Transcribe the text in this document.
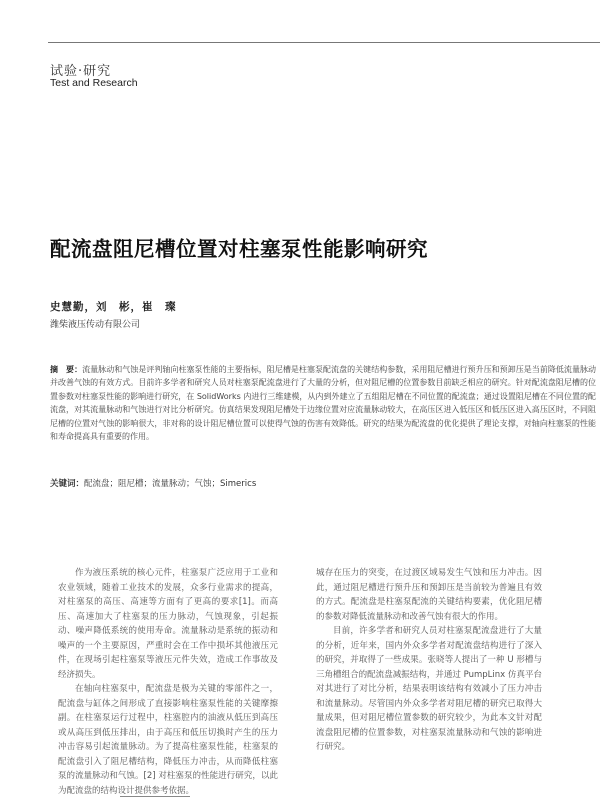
试验·研究
Test and Research
配流盘阻尼槽位置对柱塞泵性能影响研究
史慧勤，刘　彬，崔　璨
潍柴液压传动有限公司
摘　要：流量脉动和气蚀是评判轴向柱塞泵性能的主要指标，阻尼槽是柱塞泵配流盘的关键结构参数，采用阻尼槽进行预升压和预卸压是当前降低流量脉动并改善气蚀的有效方式。目前许多学者和研究人员对柱塞泵配流盘进行了大量的分析，但对阻尼槽的位置参数目前缺乏相应的研究。针对配流盘阻尼槽的位置参数对柱塞泵性能的影响进行研究，在 SolidWorks 内进行三维建模，从内到外建立了五组阻尼槽在不同位置的配流盘；通过设置阻尼槽在不同位置的配流盘，对其流量脉动和气蚀进行对比分析研究。仿真结果发现阻尼槽处于边缘位置对应流量脉动较大，在高压区进入低压区和低压区进入高压区时，不同阻尼槽的位置对气蚀的影响很大，非对称的设计阻尼槽位置可以使得气蚀的伤害有效降低。研究的结果为配流盘的优化提供了理论支撑，对轴向柱塞泵的性能和寿命提高具有重要的作用。
关键词：配流盘；阻尼槽；流量脉动；气蚀；Simerics

作为液压系统的核心元件，柱塞泵广泛应用于工业和农业领域，随着工业技术的发展，众多行业需求的提高，对柱塞泵的高压、高速等方面有了更高的要求[1]。而高压、高速加大了柱塞泵的压力脉动，气蚀现象，引起振动、噪声降低系统的使用寿命。流量脉动是系统的振动和噪声的一个主要原因，严重时会在工作中损坏其他液压元件，在现场引起柱塞泵等液压元件失效，造成工作事故及经济损失。

在轴向柱塞泵中，配流盘是极为关键的零部件之一，配流盘与缸体之间形成了直接影响柱塞泵性能的关键摩擦副。在柱塞泵运行过程中，柱塞腔内的油液从低压到高压或从高压到低压排出，由于高压和低压切换时产生的压力冲击容易引起流量脉动。为了提高柱塞泵性能，柱塞泵的配流盘引入了阻尼槽结构，降低压力冲击，从而降低柱塞泵的流量脉动和气蚀。[2] 对柱塞泵的性能进行研究，以此为配流盘的结构设计提供参考依据。

城存在压力的突变，在过渡区域易发生气蚀和压力冲击。因此，通过阻尼槽进行预升压和预卸压是当前较为普遍且有效的方式。配流盘是柱塞泵配流的关键结构要素，优化阻尼槽的参数对降低流量脉动和改善气蚀有很大的作用。

目前，许多学者和研究人员对柱塞泵配流盘进行了大量的分析，近年来，国内外众多学者对配流盘结构进行了深入的研究，并取得了一些成果。张晓等人提出了一种 U 形槽与三角槽组合的配流盘减振结构，并通过 PumpLinx 仿真平台对其进行了对比分析，结果表明该结构有效减小了压力冲击和流量脉动。尽管国内外众多学者对阻尼槽的研究已取得大量成果，但对阻尼槽位置参数的研究较少，为此本文针对配流盘阻尼槽的位置参数，对柱塞泵流量脉动和气蚀的影响进行研究。
